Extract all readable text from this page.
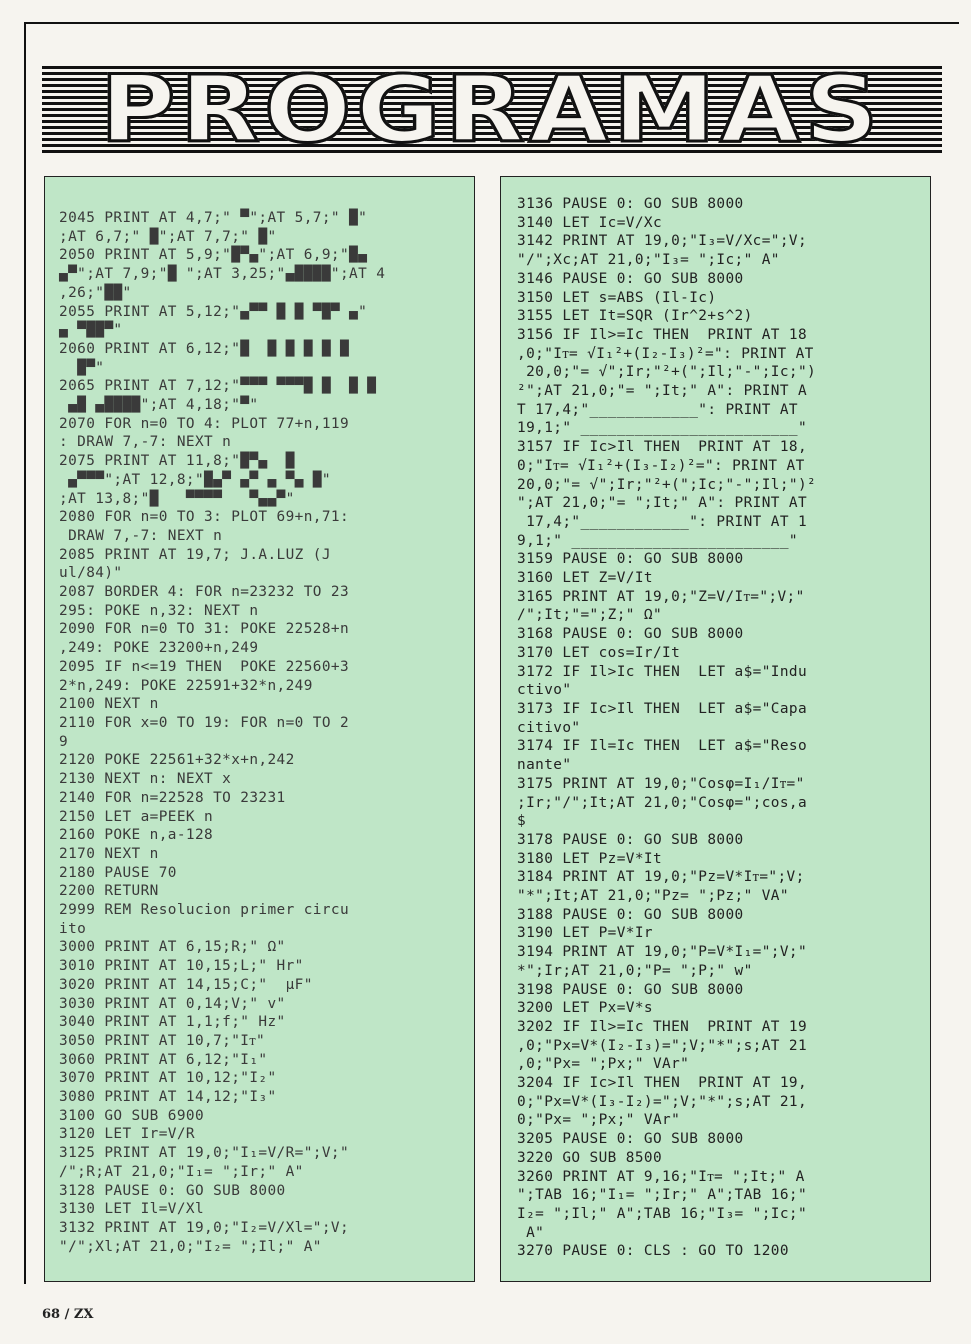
PROGRAMAS
2045 PRINT AT 4,7;" ▀";AT 5,7;" █"
;AT 6,7;" █";AT 7,7;" █"
2050 PRINT AT 5,9;"█▀▄";AT 6,9;"█▄
▄▀";AT 7,9;"█ ";AT 3,25;"▄████";AT 4
,26;"██"
2055 PRINT AT 5,12;"▄▀▀ █ █ ▀█▀ ▄"
▄ ▀██▀"
2060 PRINT AT 6,12;"█  █ █ █ █ █
█▀"
2065 PRINT AT 7,12;"▀▀▀ ▀▀▀█ █  █ █
▄█ ▄████";AT 4,18;"▀"
2070 FOR n=0 TO 4: PLOT 77+n,119
: DRAW 7,-7: NEXT n
2075 PRINT AT 11,8;"█▀▄  █
▄▀▀▀";AT 12,8;"█▄▀ ▄▀ ▄ ▀▄ █"
;AT 13,8;"█   ▀▀▀▀   ▀▄▄▀"
2080 FOR n=0 TO 3: PLOT 69+n,71:
DRAW 7,-7: NEXT n
2085 PRINT AT 19,7; J.A.LUZ (J
ul/84)"
2087 BORDER 4: FOR n=23232 TO 23
295: POKE n,32: NEXT n
2090 FOR n=0 TO 31: POKE 22528+n
,249: POKE 23200+n,249
2095 IF n<=19 THEN  POKE 22560+3
2*n,249: POKE 22591+32*n,249
2100 NEXT n
2110 FOR x=0 TO 19: FOR n=0 TO 2
9
2120 POKE 22561+32*x+n,242
2130 NEXT n: NEXT x
2140 FOR n=22528 TO 23231
2150 LET a=PEEK n
2160 POKE n,a-128
2170 NEXT n
2180 PAUSE 70
2200 RETURN
2999 REM Resolucion primer circu
ito
3000 PRINT AT 6,15;R;" Ω"
3010 PRINT AT 10,15;L;" Hr"
3020 PRINT AT 14,15;C;"  µF"
3030 PRINT AT 0,14;V;" v"
3040 PRINT AT 1,1;f;" Hz"
3050 PRINT AT 10,7;"Iᴛ"
3060 PRINT AT 6,12;"I₁"
3070 PRINT AT 10,12;"I₂"
3080 PRINT AT 14,12;"I₃"
3100 GO SUB 6900
3120 LET Ir=V/R
3125 PRINT AT 19,0;"I₁=V/R=";V;"
/";R;AT 21,0;"I₁= ";Ir;" A"
3128 PAUSE 0: GO SUB 8000
3130 LET Il=V/Xl
3132 PRINT AT 19,0;"I₂=V/Xl=";V;
"/";Xl;AT 21,0;"I₂= ";Il;" A"
3136 PAUSE 0: GO SUB 8000
3140 LET Ic=V/Xc
3142 PRINT AT 19,0;"I₃=V/Xc=";V;
"/";Xc;AT 21,0;"I₃= ";Ic;" A"
3146 PAUSE 0: GO SUB 8000
3150 LET s=ABS (Il-Ic)
3155 LET It=SQR (Ir^2+s^2)
3156 IF Il>=Ic THEN  PRINT AT 18
,0;"Iᴛ= √I₁²+(I₂-I₃)²=": PRINT AT
20,0;"= √";Ir;"²+(";Il;"-";Ic;")
²";AT 21,0;"= ";It;" A": PRINT A
T 17,4;"____________": PRINT AT
19,1;" ________________________"
3157 IF Ic>Il THEN  PRINT AT 18,
0;"Iᴛ= √I₁²+(I₃-I₂)²=": PRINT AT
20,0;"= √";Ir;"²+(";Ic;"-";Il;")²
";AT 21,0;"= ";It;" A": PRINT AT
17,4;"____________": PRINT AT 1
9,1;" ________________________"
3159 PAUSE 0: GO SUB 8000
3160 LET Z=V/It
3165 PRINT AT 19,0;"Z=V/Iᴛ=";V;"
/";It;"=";Z;" Ω"
3168 PAUSE 0: GO SUB 8000
3170 LET cos=Ir/It
3172 IF Il>Ic THEN  LET a$="Indu
ctivo"
3173 IF Ic>Il THEN  LET a$="Capa
citivo"
3174 IF Il=Ic THEN  LET a$="Reso
nante"
3175 PRINT AT 19,0;"Cosφ=I₁/Iᴛ="
;Ir;"/";It;AT 21,0;"Cosφ=";cos,a
$
3178 PAUSE 0: GO SUB 8000
3180 LET Pz=V*It
3184 PRINT AT 19,0;"Pz=V*Iᴛ=";V;
"*";It;AT 21,0;"Pz= ";Pz;" VA"
3188 PAUSE 0: GO SUB 8000
3190 LET P=V*Ir
3194 PRINT AT 19,0;"P=V*I₁=";V;"
*";Ir;AT 21,0;"P= ";P;" w"
3198 PAUSE 0: GO SUB 8000
3200 LET Px=V*s
3202 IF Il>=Ic THEN  PRINT AT 19
,0;"Px=V*(I₂-I₃)=";V;"*";s;AT 21
,0;"Px= ";Px;" VAr"
3204 IF Ic>Il THEN  PRINT AT 19,
0;"Px=V*(I₃-I₂)=";V;"*";s;AT 21,
0;"Px= ";Px;" VAr"
3205 PAUSE 0: GO SUB 8000
3220 GO SUB 8500
3260 PRINT AT 9,16;"Iᴛ= ";It;" A
";TAB 16;"I₁= ";Ir;" A";TAB 16;"
I₂= ";Il;" A";TAB 16;"I₃= ";Ic;"
A"
3270 PAUSE 0: CLS : GO TO 1200
68 / ZX
